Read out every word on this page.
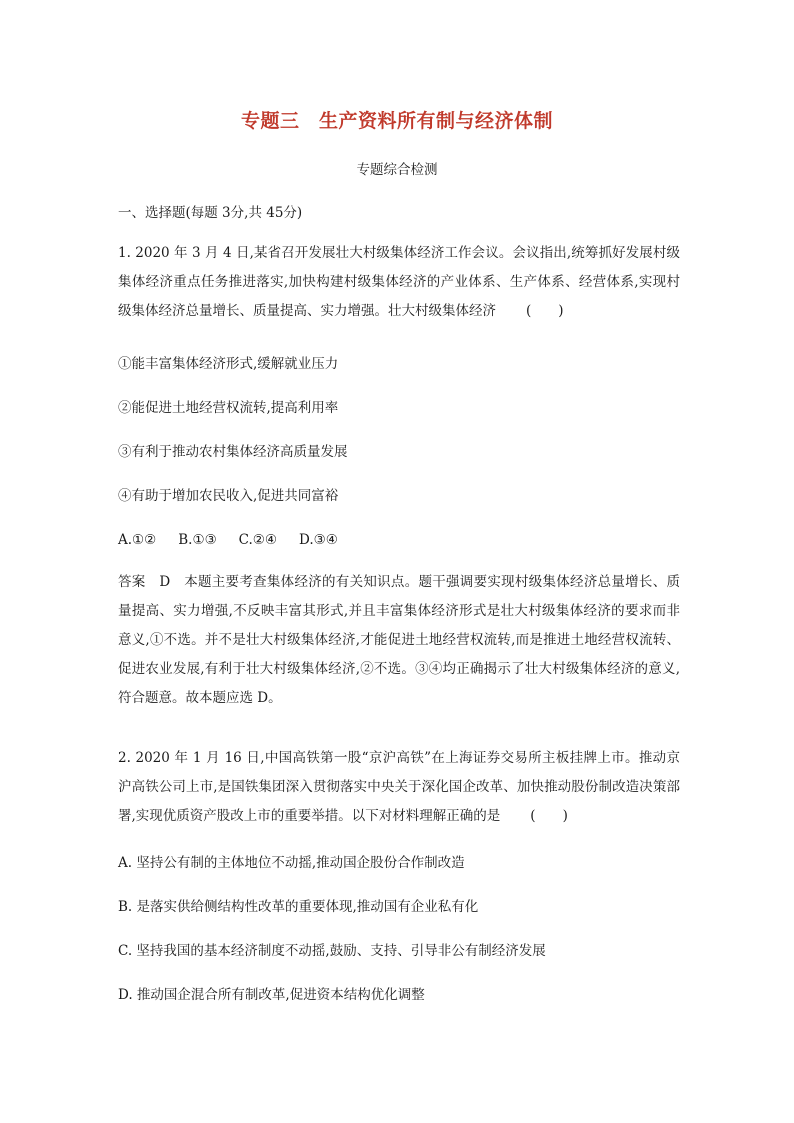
专题三　生产资料所有制与经济体制
专题综合检测
一、选择题(每题 3分,共 45分)
1. 2020 年 3 月 4 日,某省召开发展壮大村级集体经济工作会议。会议指出,统筹抓好发展村级集体经济重点任务推进落实,加快构建村级集体经济的产业体系、生产体系、经营体系,实现村级集体经济总量增长、质量提高、实力增强。壮大村级集体经济 (　　)
①能丰富集体经济形式,缓解就业压力
②能促进土地经营权流转,提高利用率
③有利于推动农村集体经济高质量发展
④有助于增加农民收入,促进共同富裕
A.①② B.①③ C.②④ D.③④
答案　D　本题主要考查集体经济的有关知识点。题干强调要实现村级集体经济总量增长、质量提高、实力增强,不反映丰富其形式,并且丰富集体经济形式是壮大村级集体经济的要求而非意义,①不选。并不是壮大村级集体经济,才能促进土地经营权流转,而是推进土地经营权流转、促进农业发展,有利于壮大村级集体经济,②不选。③④均正确揭示了壮大村级集体经济的意义,符合题意。故本题应选 D。
2. 2020 年 1 月 16 日,中国高铁第一股“京沪高铁”在上海证券交易所主板挂牌上市。推动京沪高铁公司上市,是国铁集团深入贯彻落实中央关于深化国企改革、加快推动股份制改造决策部署,实现优质资产股改上市的重要举措。以下对材料理解正确的是 (　　)
A. 坚持公有制的主体地位不动摇,推动国企股份合作制改造
B. 是落实供给侧结构性改革的重要体现,推动国有企业私有化
C. 坚持我国的基本经济制度不动摇,鼓励、支持、引导非公有制经济发展
D. 推动国企混合所有制改革,促进资本结构优化调整
